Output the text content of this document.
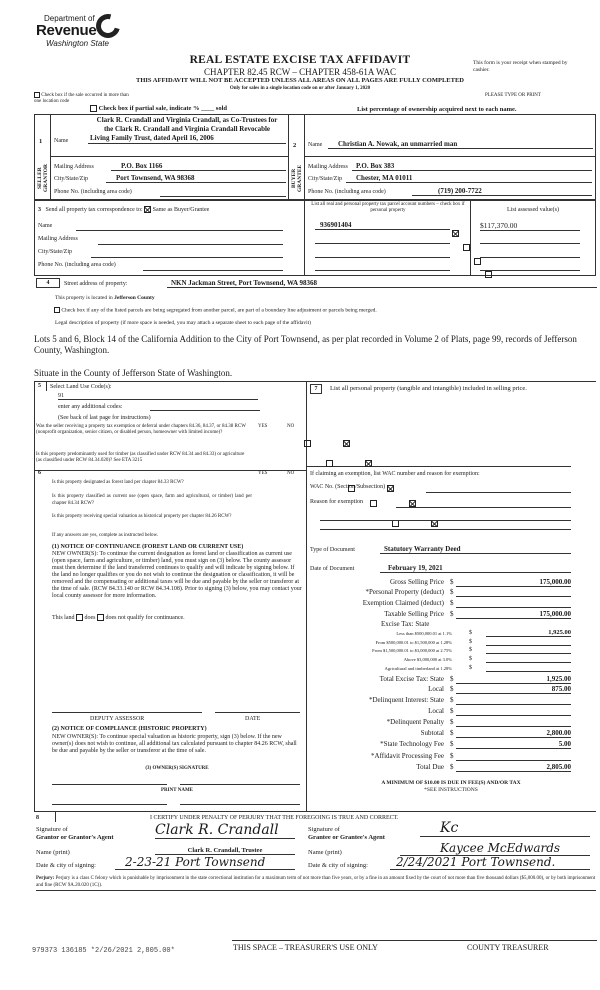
Department of
Revenue
Washington State
REAL ESTATE EXCISE TAX AFFIDAVIT
CHAPTER 82.45 RCW – CHAPTER 458-61A WAC
THIS AFFIDAVIT WILL NOT BE ACCEPTED UNLESS ALL AREAS ON ALL PAGES ARE FULLY COMPLETED
Only for sales in a single location code on or after January 1, 2020
This form is your receipt when stamped by cashier.
PLEASE TYPE OR PRINT
Check box if the sale occurred in more than one location code
Check box if partial sale, indicate % ____ sold	List percentage of ownership acquired next to each name.
1
SELLER GRANTOR
Name
Clark R. Crandall and Virginia Crandall, as Co-Trustees for
the Clark R. Crandall and Virginia Crandall Revocable
Living Family Trust, dated April 16, 2006
Mailing Address	P.O. Box 1166
City/State/Zip	Port Townsend, WA 98368
Phone No. (including area code)
2
BUYER GRANTEE
Name	Christian A. Nowak, an unmarried man
Mailing Address	P.O. Box 383
City/State/Zip	Chester, MA 01011
Phone No. (including area code)	(719) 200-7722
3 Send all property tax correspondence to: Same as Buyer/Grantee
Name
Mailing Address
City/State/Zip
Phone No. (including area code)
List all real and personal property tax parcel account numbers – check box if personal property	List assessed value(s)
936901404
	$117,370.00

4	Street address of property:	NKN Jackman Street, Port Townsend, WA 98368
This property is located in Jefferson County
Check box if any of the listed parcels are being segregated from another parcel, are part of a boundary line adjustment or parcels being merged.
Legal description of property (if more space is needed, you may attach a separate sheet to each page of the affidavit)
Lots 5 and 6, Block 14 of the California Addition to the City of Port Townsend, as per plat recorded in Volume 2 of Plats, page 99, records of Jefferson County, Washington.
Situate in the County of Jefferson State of Washington.
5 Select Land Use Code(s):
91
enter any additional codes:
(See back of last page for instructions)
YES	NO
Was the seller receiving a property tax exemption or deferral under chapters 84.36, 84.37, or 84.38 RCW (nonprofit organization, senior citizen, or disabled person, homeowner with limited income)?

Is this property predominantly used for timber (as classified under RCW 84.34 and 84.33) or agriculture (as classified under RCW 84.34.020)? See ETA 3215

6	YES	NO
Is this property designated as forest land per chapter 84.33 RCW?

Is this property classified as current use (open space, farm and agricultural, or timber) land per chapter 84.34 RCW?

Is this property receiving special valuation as historical property per chapter 84.26 RCW?

If any answers are yes, complete as instructed below.
(1) NOTICE OF CONTINUANCE (FOREST LAND OR CURRENT USE)
NEW OWNER(S): To continue the current designation as forest land or classification as current use (open space, farm and agriculture, or timber) land, you must sign on (3) below. The county assessor must then determine if the land transferred continues to qualify and will indicate by signing below. If the land no longer qualifies or you do not wish to continue the designation or classification, it will be removed and the compensating or additional taxes will be due and payable by the seller or transferor at the time of sale. (RCW 84.33.140 or RCW 84.34.108). Prior to signing (3) below, you may contact your local county assessor for more information.
This land does does not qualify for continuance.
DEPUTY ASSESSOR	DATE
(2) NOTICE OF COMPLIANCE (HISTORIC PROPERTY)
NEW OWNER(S): To continue special valuation as historic property, sign (3) below. If the new owner(s) does not wish to continue, all additional tax calculated pursuant to chapter 84.26 RCW, shall be due and payable by the seller or transferor at the time of sale.
(3) OWNER(S) SIGNATURE
PRINT NAME
7	List all personal property (tangible and intangible) included in selling price.
If claiming an exemption, list WAC number and reason for exemption:
WAC No. (Section/Subsection)
Reason for exemption
Type of Document	Statutory Warranty Deed
Date of Document	February 19, 2021
Gross Selling Price $	175,000.00
*Personal Property (deduct) $
Exemption Claimed (deduct) $
Taxable Selling Price $	175,000.00
Excise Tax: State
Less than $500,000.01 at 1.1%	$	1,925.00
From $500,000.01 to $1,500,000 at 1.28%	$
From $1,500,000.01 to $3,000,000 at 2.75%	$
Above $3,000,000 at 3.0%	$
Agricultural and timberland at 1.28%	$
Total Excise Tax: State $	1,925.00
Local $	875.00
*Delinquent Interest: State $
Local $
*Delinquent Penalty $
Subtotal $	2,800.00
*State Technology Fee $	5.00
*Affidavit Processing Fee $
Total Due $	2,805.00
A MINIMUM OF $10.00 IS DUE IN FEE(S) AND/OR TAX
*SEE INSTRUCTIONS
8	I CERTIFY UNDER PENALTY OF PERJURY THAT THE FOREGOING IS TRUE AND CORRECT.
Signature of
Grantor or Grantor's Agent	Clark R. Crandall
Name (print)	Clark R. Crandall, Trustee
Date & city of signing:	2-23-21 Port Townsend
Signature of
Grantee or Grantee's Agent
Kc
Name (print)	Kaycee McEdwards
Date & city of signing:	2/24/2021 Port Townsend.
Perjury: Perjury is a class C felony which is punishable by imprisonment in the state correctional institution for a maximum term of not more than five years, or by a fine in an amount fixed by the court of not more than five thousand dollars ($5,000.00), or by both imprisonment and fine (RCW 9A.20.020 (1C)).
979373 136185 *2/26/2021 2,805.00*	THIS SPACE – TREASURER'S USE ONLY	COUNTY TREASURER
